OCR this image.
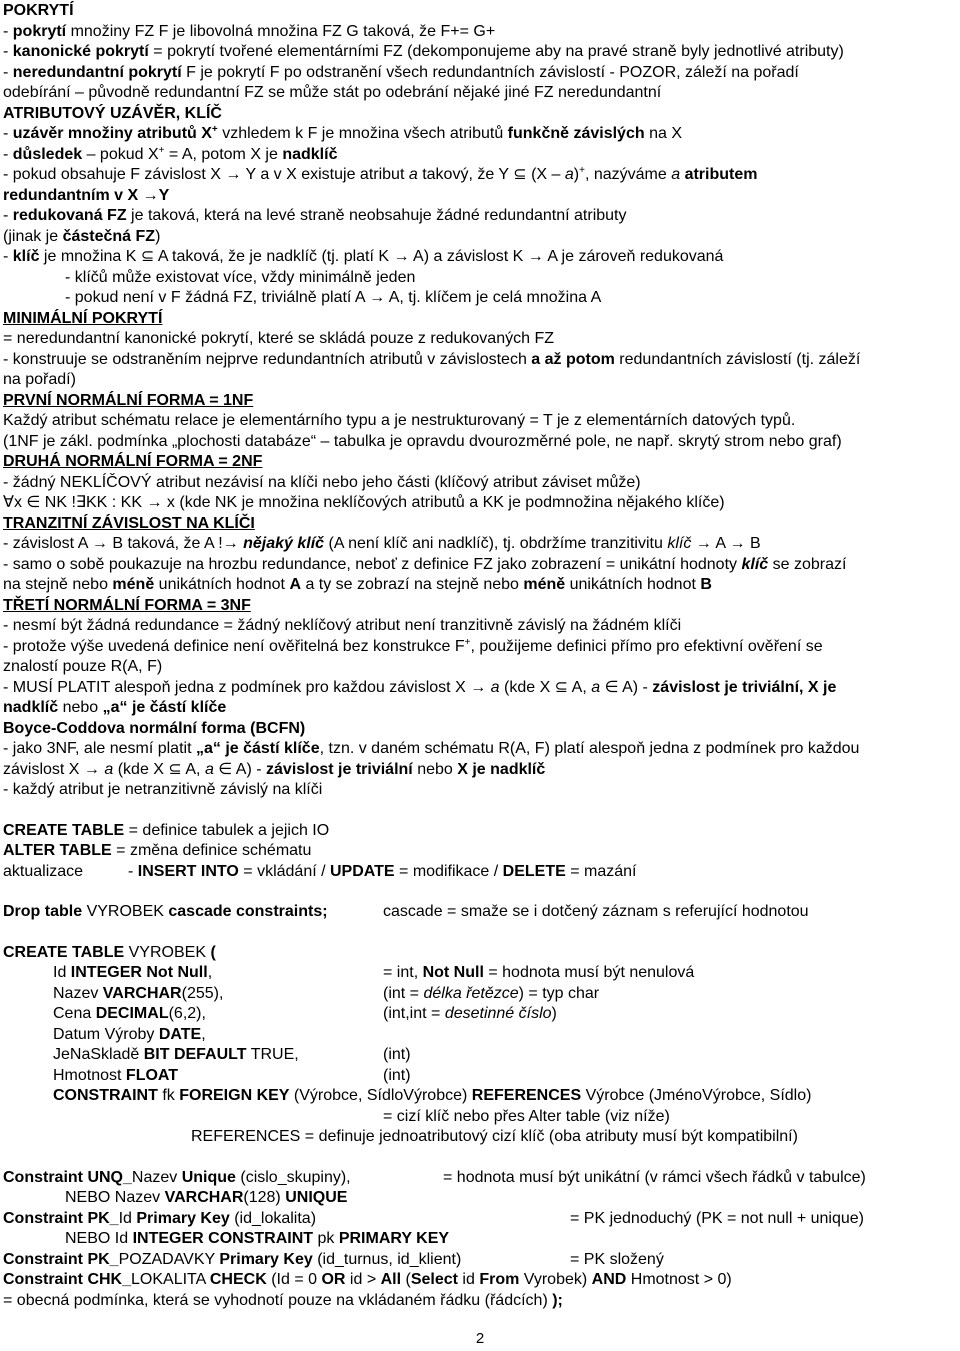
POKRYTÍ
- pokrytí množiny FZ F je libovolná množina FZ G taková, že F+= G+
- kanonické pokrytí = pokrytí tvořené elementárními FZ (dekomponujeme aby na pravé straně byly jednotlivé atributy)
- neredundantní pokrytí F je pokrytí F po odstranění všech redundantních závislostí - POZOR, záleží na pořadí
odebírání – původně redundantní FZ se může stát po odebrání nějaké jiné FZ neredundantní
ATRIBUTOVÝ UZÁVĚR, KLÍČ
- uzávěr množiny atributů X+ vzhledem k F je množina všech atributů funkčně závislých na X
- důsledek – pokud X+ = A, potom X je nadklíč
- pokud obsahuje F závislost X → Y a v X existuje atribut a takový, že Y ⊆ (X – a)+, nazýváme a atributem
redundantním v X →Y
- redukovaná FZ je taková, která na levé straně neobsahuje žádné redundantní atributy
(jinak je částečná FZ)
- klíč je množina K ⊆ A taková, že je nadklíč (tj. platí K → A) a závislost K → A je zároveň redukovaná
- klíčů může existovat více, vždy minimálně jeden
- pokud není v F žádná FZ, triviálně platí A → A, tj. klíčem je celá množina A
MINIMÁLNÍ POKRYTÍ
= neredundantní kanonické pokrytí, které se skládá pouze z redukovaných FZ
- konstruuje se odstraněním nejprve redundantních atributů v závislostech a až potom redundantních závislostí (tj. záleží
na pořadí)
PRVNÍ NORMÁLNÍ FORMA = 1NF
Každý atribut schématu relace je elementárního typu a je nestrukturovaný = T je z elementárních datových typů.
(1NF je zákl. podmínka „plochosti databáze“ – tabulka je opravdu dvourozměrné pole, ne např. skrytý strom nebo graf)
DRUHÁ NORMÁLNÍ FORMA = 2NF
- žádný NEKLÍČOVÝ atribut nezávisí na klíči nebo jeho části (klíčový atribut záviset může)
∀x ∈ NK !∃KK : KK → x (kde NK je množina neklíčových atributů a KK je podmnožina nějakého klíče)
TRANZITNÍ ZÁVISLOST NA KLÍČI
- závislost A → B taková, že A !→ nějaký klíč (A není klíč ani nadklíč), tj. obdržíme tranzitivitu klíč → A → B
- samo o sobě poukazuje na hrozbu redundance, neboť z definice FZ jako zobrazení = unikátní hodnoty klíč se zobrazí
na stejně nebo méně unikátních hodnot A a ty se zobrazí na stejně nebo méně unikátních hodnot B
TŘETÍ NORMÁLNÍ FORMA = 3NF
- nesmí být žádná redundance = žádný neklíčový atribut není tranzitivně závislý na žádném klíči
- protože výše uvedená definice není ověřitelná bez konstrukce F+, použijeme definici přímo pro efektivní ověření se
znalostí pouze R(A, F)
- MUSÍ PLATIT alespoň jedna z podmínek pro každou závislost X → a (kde X ⊆ A, a ∈ A) - závislost je triviální, X je
nadklíč nebo „a“ je částí klíče
Boyce-Coddova normální forma (BCFN)
- jako 3NF, ale nesmí platit „a“ je částí klíče, tzn. v daném schématu R(A, F) platí alespoň jedna z podmínek pro každou
závislost X → a (kde X ⊆ A, a ∈ A) - závislost je triviální nebo X je nadklíč
- každý atribut je netranzitivně závislý na klíči
CREATE TABLE = definice tabulek a jejich IO
ALTER TABLE = změna definice schématu
aktualizace	- INSERT INTO = vkládání / UPDATE = modifikace / DELETE = mazání
Drop table VYROBEK cascade constraints;	cascade = smaže se i dotčený záznam s referující hodnotou
CREATE TABLE VYROBEK (
Id INTEGER Not Null,	= int, Not Null = hodnota musí být nenulová
Nazev VARCHAR(255),	(int = délka řetězce) = typ char
Cena DECIMAL(6,2),	(int,int = desetinné číslo)
Datum Výroby DATE,
JeNaSkladě BIT DEFAULT TRUE,	(int)
Hmotnost FLOAT	(int)
CONSTRAINT fk FOREIGN KEY (Výrobce, SídloVýrobce) REFERENCES Výrobce (JménoVýrobce, Sídlo)
= cizí klíč nebo přes Alter table (viz níže)
REFERENCES = definuje jednoatributový cizí klíč (oba atributy musí být kompatibilní)
Constraint UNQ_Nazev Unique (cislo_skupiny),	= hodnota musí být unikátní (v rámci všech řádků v tabulce)
NEBO Nazev VARCHAR(128) UNIQUE
Constraint PK_Id Primary Key (id_lokalita)	= PK jednoduchý (PK = not null + unique)
NEBO Id INTEGER CONSTRAINT pk PRIMARY KEY
Constraint PK_POZADAVKY Primary Key (id_turnus, id_klient)	= PK složený
Constraint CHK_LOKALITA CHECK (Id = 0 OR id > All (Select id From Vyrobek) AND Hmotnost > 0)
= obecná podmínka, která se vyhodnotí pouze na vkládaném řádku (řádcích) );
2
